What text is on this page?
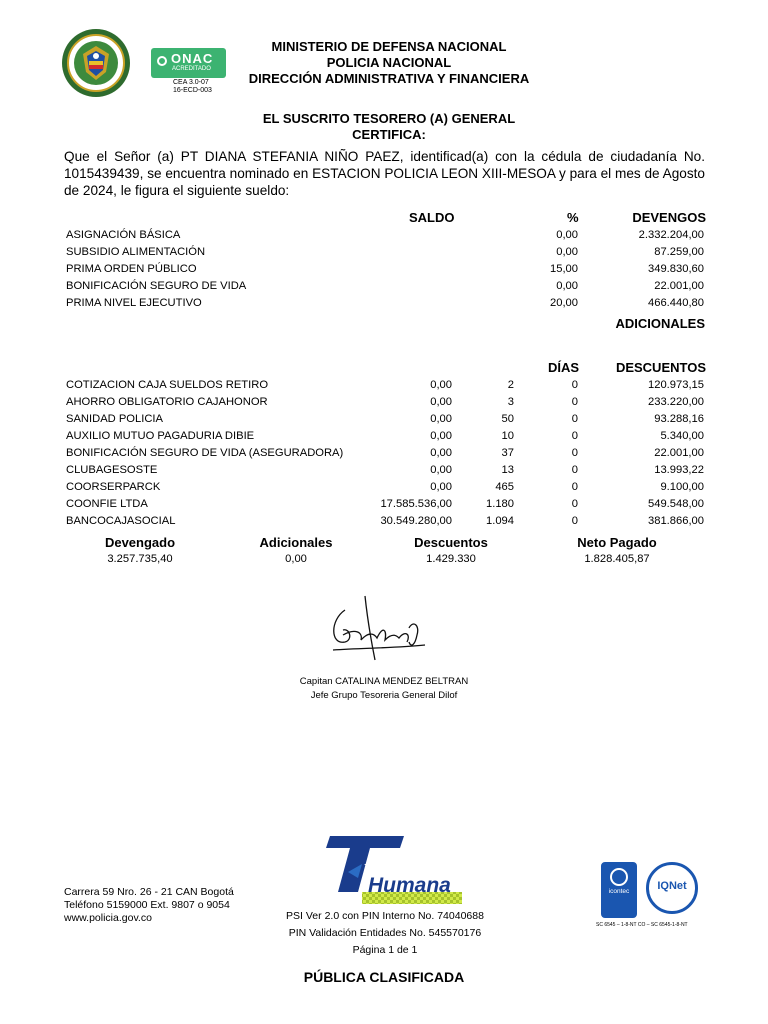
ONAC
ACREDITADO
CEA 3.0-07
16-ECD-003
MINISTERIO DE DEFENSA NACIONAL
POLICIA NACIONAL
DIRECCIÓN ADMINISTRATIVA Y FINANCIERA
EL SUSCRITO TESORERO (A) GENERAL
CERTIFICA:
Que el Señor (a) PT DIANA STEFANIA NIÑO PAEZ, identificad(a) con la cédula de ciudadanía No. 1015439439, se encuentra nominado en ESTACION POLICIA LEON XIII-MESOA y para el mes de Agosto de 2024, le figura el siguiente sueldo:
SALDO	%	DEVENGOS
ASIGNACIÓN BÁSICA	0,00	2.332.204,00
SUBSIDIO ALIMENTACIÓN	0,00	87.259,00
PRIMA ORDEN PÚBLICO	15,00	349.830,60
BONIFICACIÓN SEGURO DE VIDA	0,00	22.001,00
PRIMA NIVEL EJECUTIVO	20,00	466.440,80
ADICIONALES
DÍAS	DESCUENTOS
COTIZACION CAJA SUELDOS RETIRO	0,00	2	0	120.973,15
AHORRO OBLIGATORIO CAJAHONOR	0,00	3	0	233.220,00
SANIDAD POLICIA	0,00	50	0	93.288,16
AUXILIO MUTUO PAGADURIA DIBIE	0,00	10	0	5.340,00
BONIFICACIÓN SEGURO DE VIDA (ASEGURADORA)	0,00	37	0	22.001,00
CLUBAGESOSTE	0,00	13	0	13.993,22
COORSERPARCK	0,00	465	0	9.100,00
COONFIE LTDA	17.585.536,00	1.180	0	549.548,00
BANCOCAJASOCIAL	30.549.280,00	1.094	0	381.866,00
Devengado	Adicionales	Descuentos	Neto Pagado
3.257.735,40	0,00	1.429.330	1.828.405,87
Capitan CATALINA MENDEZ BELTRAN
Jefe Grupo Tesoreria General Dilof
Humana
Carrera 59 Nro. 26 - 21 CAN Bogotá
Teléfono 5159000 Ext. 9807 o 9054
www.policia.gov.co	PSI Ver 2.0 con PIN Interno No. 74040688
PIN Validación Entidades No. 545570176
Página 1 de 1
PÚBLICA CLASIFICADA
icontec	IQNet
SC 6545 – 1-8-NT CO – SC 6545-1-8-NT
